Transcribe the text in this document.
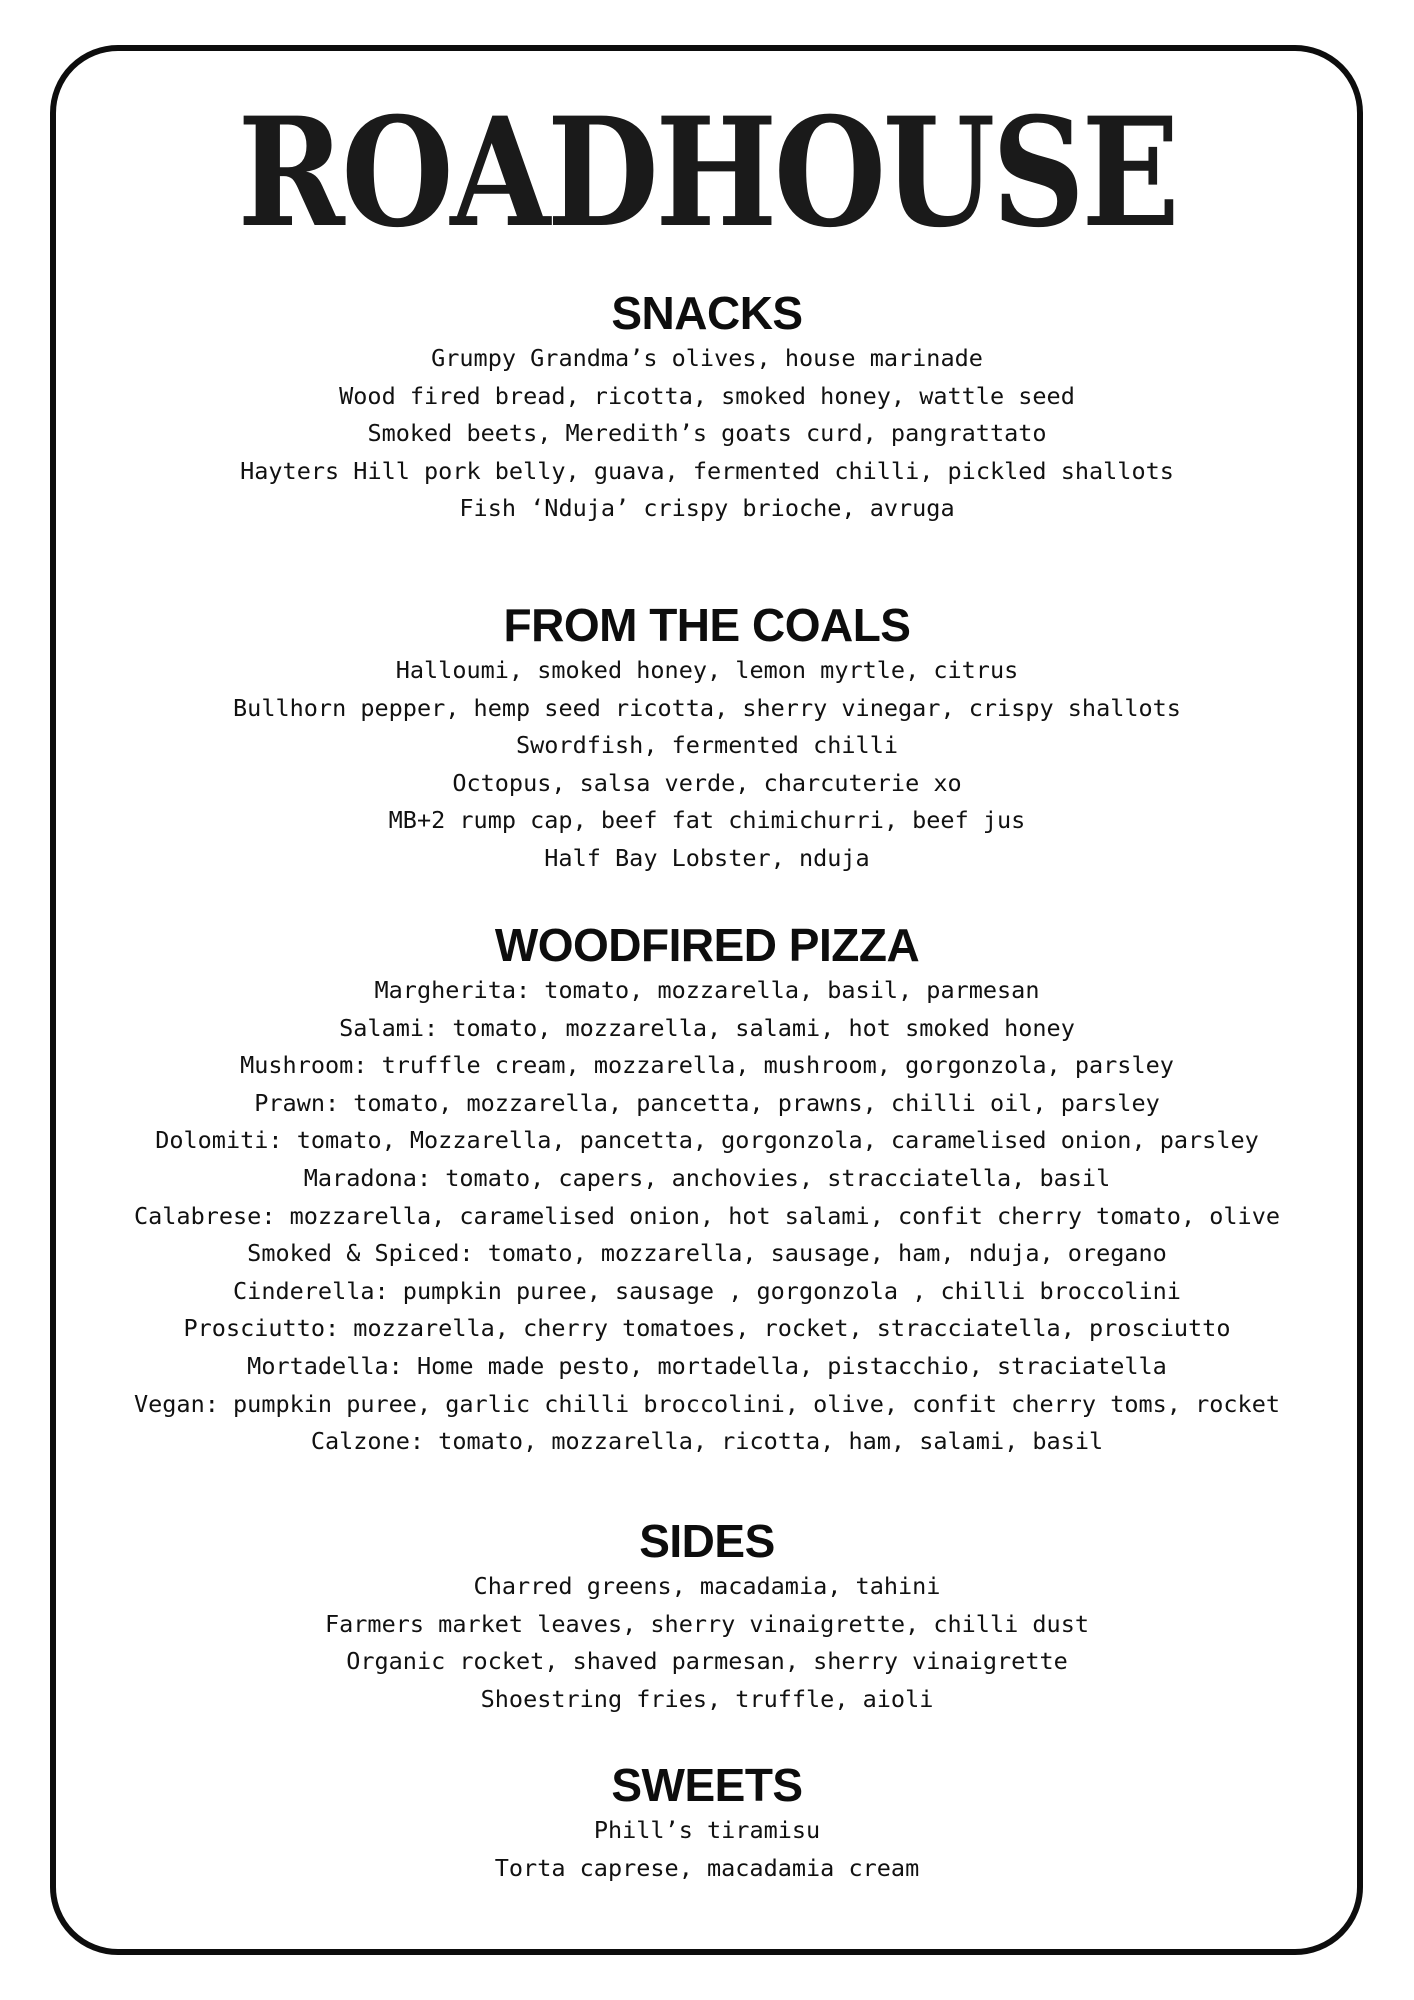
ROADHOUSE
SNACKS
Grumpy Grandma’s olives, house marinade
Wood fired bread, ricotta, smoked honey, wattle seed
Smoked beets, Meredith’s goats curd, pangrattato
Hayters Hill pork belly, guava, fermented chilli, pickled shallots
Fish ‘Nduja’ crispy brioche, avruga
FROM THE COALS
Halloumi, smoked honey, lemon myrtle, citrus
Bullhorn pepper, hemp seed ricotta, sherry vinegar, crispy shallots
Swordfish, fermented chilli
Octopus, salsa verde, charcuterie xo
MB+2 rump cap, beef fat chimichurri, beef jus
Half Bay Lobster, nduja
WOODFIRED PIZZA
Margherita: tomato, mozzarella, basil, parmesan
Salami: tomato, mozzarella, salami, hot smoked honey
Mushroom: truffle cream, mozzarella, mushroom, gorgonzola, parsley
Prawn: tomato, mozzarella, pancetta, prawns, chilli oil, parsley
Dolomiti: tomato, Mozzarella, pancetta, gorgonzola, caramelised onion, parsley
Maradona: tomato, capers, anchovies, stracciatella, basil
Calabrese: mozzarella, caramelised onion, hot salami, confit cherry tomato, olive
Smoked & Spiced: tomato, mozzarella, sausage, ham, nduja, oregano
Cinderella: pumpkin puree, sausage , gorgonzola , chilli broccolini
Prosciutto: mozzarella, cherry tomatoes, rocket, stracciatella, prosciutto
Mortadella: Home made pesto, mortadella, pistacchio, straciatella
Vegan: pumpkin puree, garlic chilli broccolini, olive, confit cherry toms, rocket
Calzone: tomato, mozzarella, ricotta, ham, salami, basil
SIDES
Charred greens, macadamia, tahini
Farmers market leaves, sherry vinaigrette, chilli dust
Organic rocket, shaved parmesan, sherry vinaigrette
Shoestring fries, truffle, aioli
SWEETS
Phill’s tiramisu
Torta caprese, macadamia cream
